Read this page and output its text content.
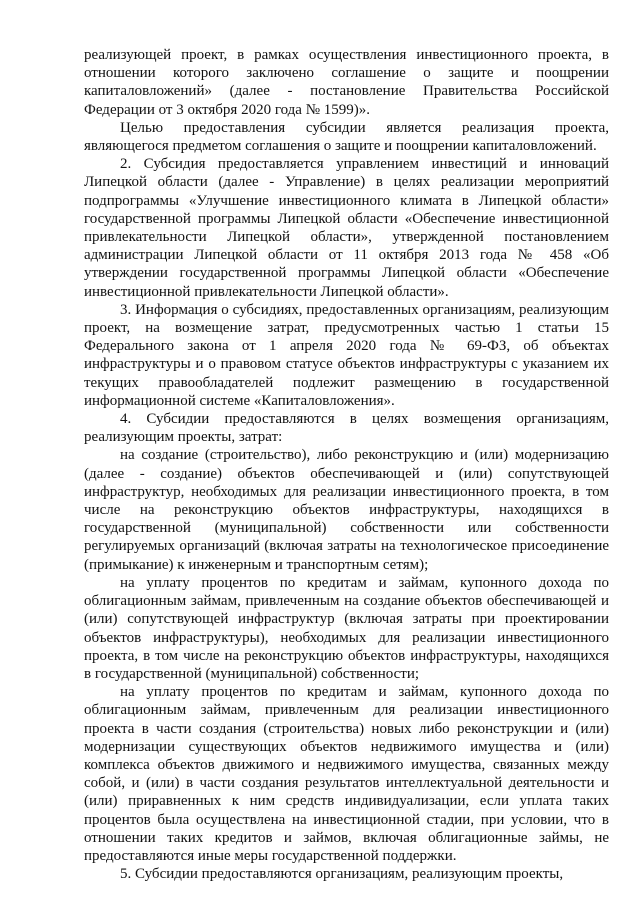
реализующей проект, в рамках осуществления инвестиционного проекта, в отношении которого заключено соглашение о защите и поощрении капиталовложений» (далее - постановление Правительства Российской Федерации от 3 октября 2020 года № 1599)».

Целью предоставления субсидии является реализация проекта, являющегося предметом соглашения о защите и поощрении капиталовложений.

2. Субсидия предоставляется управлением инвестиций и инноваций Липецкой области (далее - Управление) в целях реализации мероприятий подпрограммы «Улучшение инвестиционного климата в Липецкой области» государственной программы Липецкой области «Обеспечение инвестиционной привлекательности Липецкой области», утвержденной постановлением администрации Липецкой области от 11 октября 2013 года № 458 «Об утверждении государственной программы Липецкой области «Обеспечение инвестиционной привлекательности Липецкой области».

3. Информация о субсидиях, предоставленных организациям, реализующим проект, на возмещение затрат, предусмотренных частью 1 статьи 15 Федерального закона от 1 апреля 2020 года № 69-ФЗ, об объектах инфраструктуры и о правовом статусе объектов инфраструктуры с указанием их текущих правообладателей подлежит размещению в государственной информационной системе «Капиталовложения».

4. Субсидии предоставляются в целях возмещения организациям, реализующим проекты, затрат:

на создание (строительство), либо реконструкцию и (или) модернизацию (далее - создание) объектов обеспечивающей и (или) сопутствующей инфраструктур, необходимых для реализации инвестиционного проекта, в том числе на реконструкцию объектов инфраструктуры, находящихся в государственной (муниципальной) собственности или собственности регулируемых организаций (включая затраты на технологическое присоединение (примыкание) к инженерным и транспортным сетям);

на уплату процентов по кредитам и займам, купонного дохода по облигационным займам, привлеченным на создание объектов обеспечивающей и (или) сопутствующей инфраструктур (включая затраты при проектировании объектов инфраструктуры), необходимых для реализации инвестиционного проекта, в том числе на реконструкцию объектов инфраструктуры, находящихся в государственной (муниципальной) собственности;

на уплату процентов по кредитам и займам, купонного дохода по облигационным займам, привлеченным для реализации инвестиционного проекта в части создания (строительства) новых либо реконструкции и (или) модернизации существующих объектов недвижимого имущества и (или) комплекса объектов движимого и недвижимого имущества, связанных между собой, и (или) в части создания результатов интеллектуальной деятельности и (или) приравненных к ним средств индивидуализации, если уплата таких процентов была осуществлена на инвестиционной стадии, при условии, что в отношении таких кредитов и займов, включая облигационные займы, не предоставляются иные меры государственной поддержки.

5. Субсидии предоставляются организациям, реализующим проекты,
